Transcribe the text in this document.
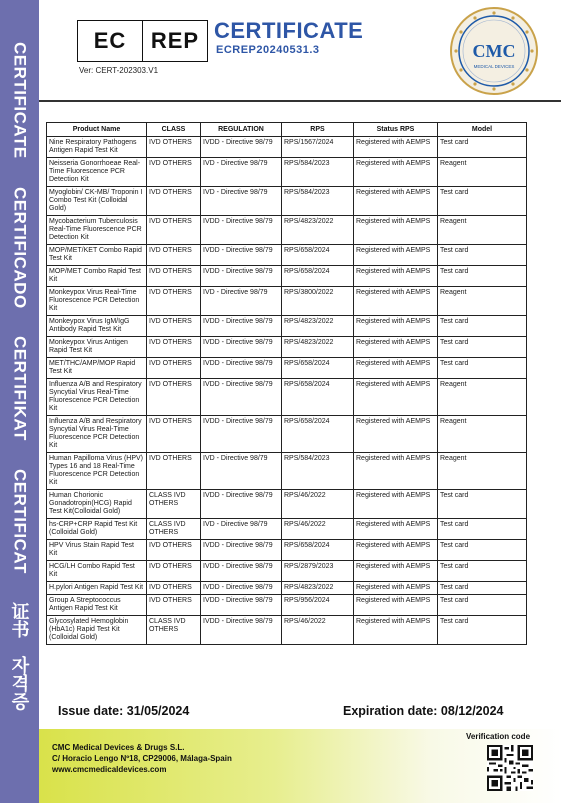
CERTIFICATE
CERTIFICADO
CERTIFIKAT
CERTIFICAT
证书
자격증
EC	REP
Ver: CERT-202303.V1
CERTIFICATE
ECREP20240531.3	CMC
MEDICAL DEVICES
Product Name	CLASS	REGULATION	RPS	Status RPS	Model
Nine Respiratory Pathogens Antigen Rapid Test Kit	IVD OTHERS	IVDD - Directive 98/79	RPS/1567/2024	Registered with AEMPS	Test card
Neisseria Gonorrhoeae Real-Time Fluorescence PCR Detection Kit	IVD OTHERS	IVD - Directive 98/79	RPS/584/2023	Registered with AEMPS	Reagent
Myoglobin/ CK-MB/ Troponin I Combo Test Kit (Colloidal Gold)	IVD OTHERS	IVD - Directive 98/79	RPS/584/2023	Registered with AEMPS	Test card
Mycobacterium Tuberculosis Real-Time Fluorescence PCR Detection Kit	IVD OTHERS	IVDD - Directive 98/79	RPS/4823/2022	Registered with AEMPS	Reagent
MOP/MET/KET Combo Rapid Test Kit	IVD OTHERS	IVDD - Directive 98/79	RPS/658/2024	Registered with AEMPS	Test card
MOP/MET Combo Rapid Test Kit	IVD OTHERS	IVDD - Directive 98/79	RPS/658/2024	Registered with AEMPS	Test card
Monkeypox Virus Real-Time Fluorescence PCR Detection Kit	IVD OTHERS	IVD - Directive 98/79	RPS/3800/2022	Registered with AEMPS	Reagent
Monkeypox Virus IgM/IgG Antibody Rapid Test Kit	IVD OTHERS	IVDD - Directive 98/79	RPS/4823/2022	Registered with AEMPS	Test card
Monkeypox Virus Antigen Rapid Test Kit	IVD OTHERS	IVDD - Directive 98/79	RPS/4823/2022	Registered with AEMPS	Test card
MET/THC/AMP/MOP Rapid Test Kit	IVD OTHERS	IVDD - Directive 98/79	RPS/658/2024	Registered with AEMPS	Test card
Influenza A/B and Respiratory Syncytial Virus Real-Time Fluorescence PCR Detection Kit	IVD OTHERS	IVDD - Directive 98/79	RPS/658/2024	Registered with AEMPS	Reagent
Influenza A/B and Respiratory Syncytial Virus Real-Time Fluorescence PCR Detection Kit	IVD OTHERS	IVDD - Directive 98/79	RPS/658/2024	Registered with AEMPS	Reagent
Human Papilloma Virus (HPV) Types 16 and 18 Real-Time Fluorescence PCR Detection Kit	IVD OTHERS	IVD - Directive 98/79	RPS/584/2023	Registered with AEMPS	Reagent
Human Chorionic Gonadotropin(HCG) Rapid Test Kit(Colloidal Gold)	CLASS IVD OTHERS	IVDD - Directive 98/79	RPS/46/2022	Registered with AEMPS	Test card
hs-CRP+CRP Rapid Test Kit (Colloidal Gold)	CLASS IVD OTHERS	IVD - Directive 98/79	RPS/46/2022	Registered with AEMPS	Test card
HPV Virus Stain Rapid Test Kit	IVD OTHERS	IVDD - Directive 98/79	RPS/658/2024	Registered with AEMPS	Test card
HCG/LH Combo Rapid Test Kit	IVD OTHERS	IVDD - Directive 98/79	RPS/2879/2023	Registered with AEMPS	Test card
H.pylori Antigen Rapid Test Kit	IVD OTHERS	IVDD - Directive 98/79	RPS/4823/2022	Registered with AEMPS	Test card
Group A Streptococcus Antigen Rapid Test Kit	IVD OTHERS	IVDD - Directive 98/79	RPS/956/2024	Registered with AEMPS	Test card
Glycosylated Hemoglobin (HbA1c) Rapid Test Kit (Colloidal Gold)	CLASS IVD OTHERS	IVDD - Directive 98/79	RPS/46/2022	Registered with AEMPS	Test card
Issue date: 31/05/2024	Expiration date: 08/12/2024
CMC Medical Devices & Drugs S.L.
C/ Horacio Lengo Nº18, CP29006, Málaga-Spain
www.cmcmedicaldevices.com
Verification code
